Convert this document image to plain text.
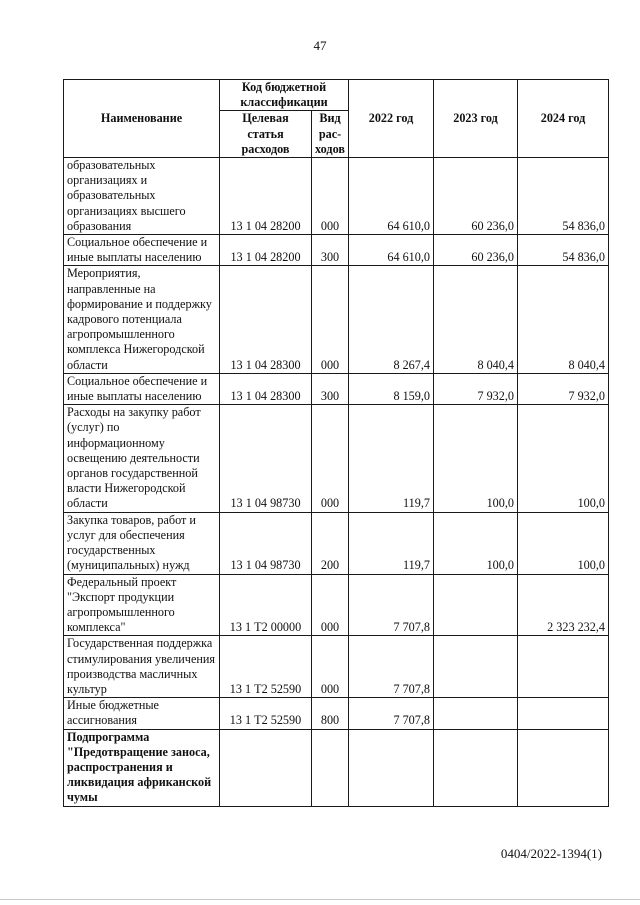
47
Наименование	Код бюджетной классификации		2022 год	2023 год	2024 год
	Целевая статья расходов	Вид рас-ходов			
образовательных организациях и образовательных организациях высшего образования	13 1 04 28200	000	64 610,0	60 236,0	54 836,0
Социальное обеспечение и иные выплаты населению	13 1 04 28200	300	64 610,0	60 236,0	54 836,0
Мероприятия, направленные на формирование и поддержку кадрового потенциала агропромышленного комплекса Нижегородской области	13 1 04 28300	000	8 267,4	8 040,4	8 040,4
Социальное обеспечение и иные выплаты населению	13 1 04 28300	300	8 159,0	7 932,0	7 932,0
Расходы на закупку работ (услуг) по информационному освещению деятельности органов государственной власти Нижегородской области	13 1 04 98730	000	119,7	100,0	100,0
Закупка товаров, работ и услуг для обеспечения государственных (муниципальных) нужд	13 1 04 98730	200	119,7	100,0	100,0
Федеральный проект "Экспорт продукции агропромышленного комплекса"	13 1 Т2 00000	000	7 707,8		2 323 232,4
Государственная поддержка стимулирования увеличения производства масличных культур	13 1 Т2 52590	000	7 707,8		
Иные бюджетные ассигнования	13 1 Т2 52590	800	7 707,8		
Подпрограмма "Предотвращение заноса, распространения и ликвидация африканской чумы					
0404/2022-1394(1)
